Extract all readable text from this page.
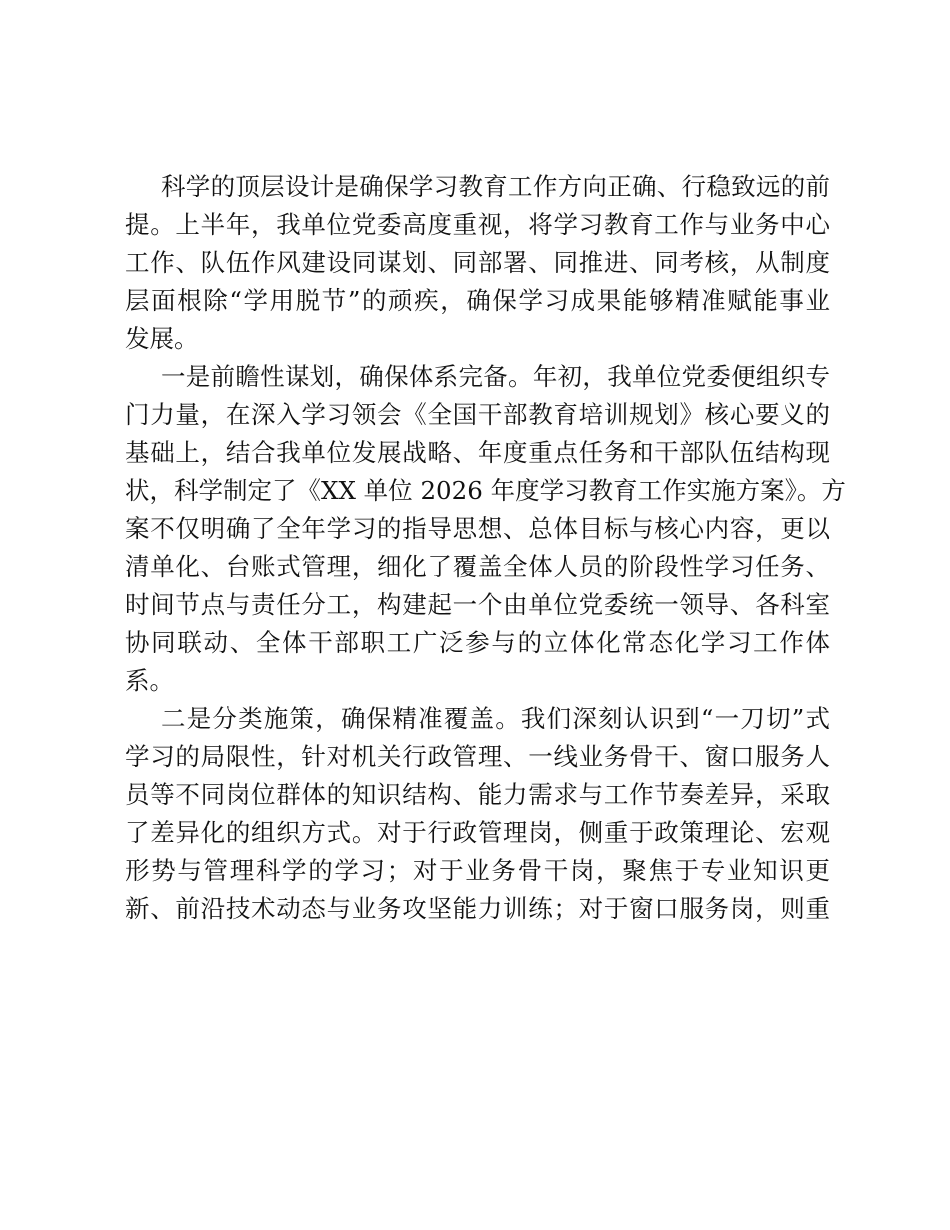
科学的顶层设计是确保学习教育工作方向正确、行稳致远的前
提。上半年，我单位党委高度重视，将学习教育工作与业务中心
工作、队伍作风建设同谋划、同部署、同推进、同考核，从制度
层面根除“学用脱节”的顽疾，确保学习成果能够精准赋能事业
发展。
一是前瞻性谋划，确保体系完备。年初，我单位党委便组织专
门力量，在深入学习领会《全国干部教育培训规划》核心要义的
基础上，结合我单位发展战略、年度重点任务和干部队伍结构现
状，科学制定了《XX 单位 2026 年度学习教育工作实施方案》。方
案不仅明确了全年学习的指导思想、总体目标与核心内容，更以
清单化、台账式管理，细化了覆盖全体人员的阶段性学习任务、
时间节点与责任分工，构建起一个由单位党委统一领导、各科室
协同联动、全体干部职工广泛参与的立体化常态化学习工作体
系。
二是分类施策，确保精准覆盖。我们深刻认识到“一刀切”式
学习的局限性，针对机关行政管理、一线业务骨干、窗口服务人
员等不同岗位群体的知识结构、能力需求与工作节奏差异，采取
了差异化的组织方式。对于行政管理岗，侧重于政策理论、宏观
形势与管理科学的学习；对于业务骨干岗，聚焦于专业知识更
新、前沿技术动态与业务攻坚能力训练；对于窗口服务岗，则重
